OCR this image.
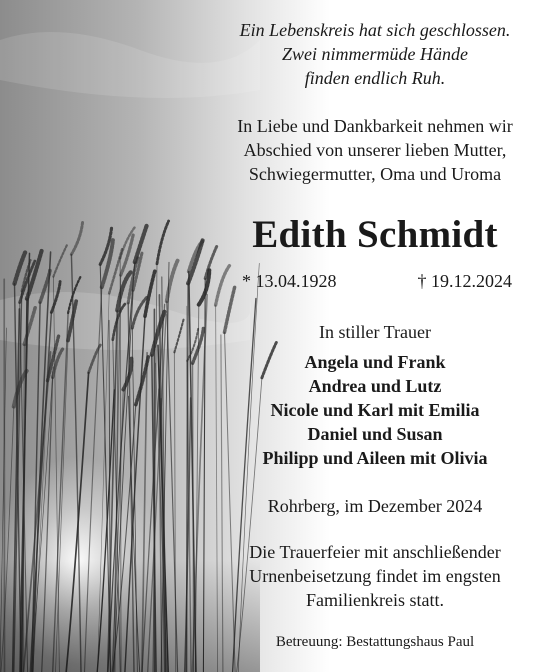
Ein Lebenskreis hat sich geschlossen.
Zwei nimmermüde Hände
finden endlich Ruh.
In Liebe und Dankbarkeit nehmen wir
Abschied von unserer lieben Mutter,
Schwiegermutter, Oma und Uroma
Edith Schmidt
* 13.04.1928	† 19.12.2024
In stiller Trauer
Angela und Frank
Andrea und Lutz
Nicole und Karl mit Emilia
Daniel und Susan
Philipp und Aileen mit Olivia
Rohrberg, im Dezember 2024
Die Trauerfeier mit anschließender
Urnenbeisetzung findet im engsten
Familienkreis statt.
Betreuung: Bestattungshaus Paul
